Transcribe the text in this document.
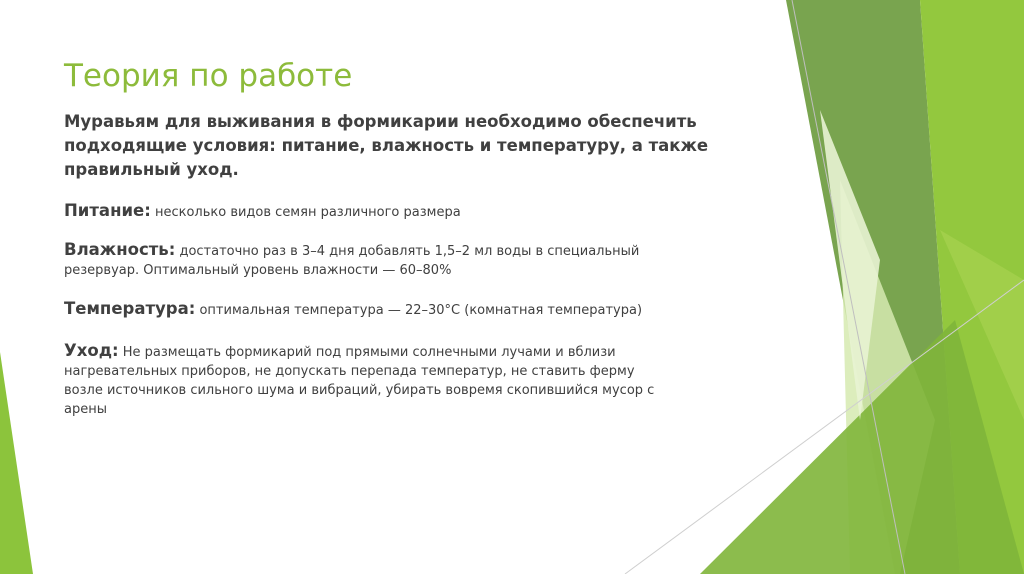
Теория по работе
Муравьям для выживания в формикарии необходимо обеспечить подходящие условия: питание, влажность и температуру, а также правильный уход.
Питание: несколько видов семян различного размера
Влажность: достаточно раз в 3–4 дня добавлять 1,5–2 мл воды в специальный резервуар. Оптимальный уровень влажности — 60–80%
Температура: оптимальная температура — 22–30°С (комнатная температура)
Уход: Не размещать формикарий под прямыми солнечными лучами и вблизи нагревательных приборов, не допускать перепада температур, не ставить ферму возле источников сильного шума и вибраций, убирать вовремя скопившийся мусор с арены
